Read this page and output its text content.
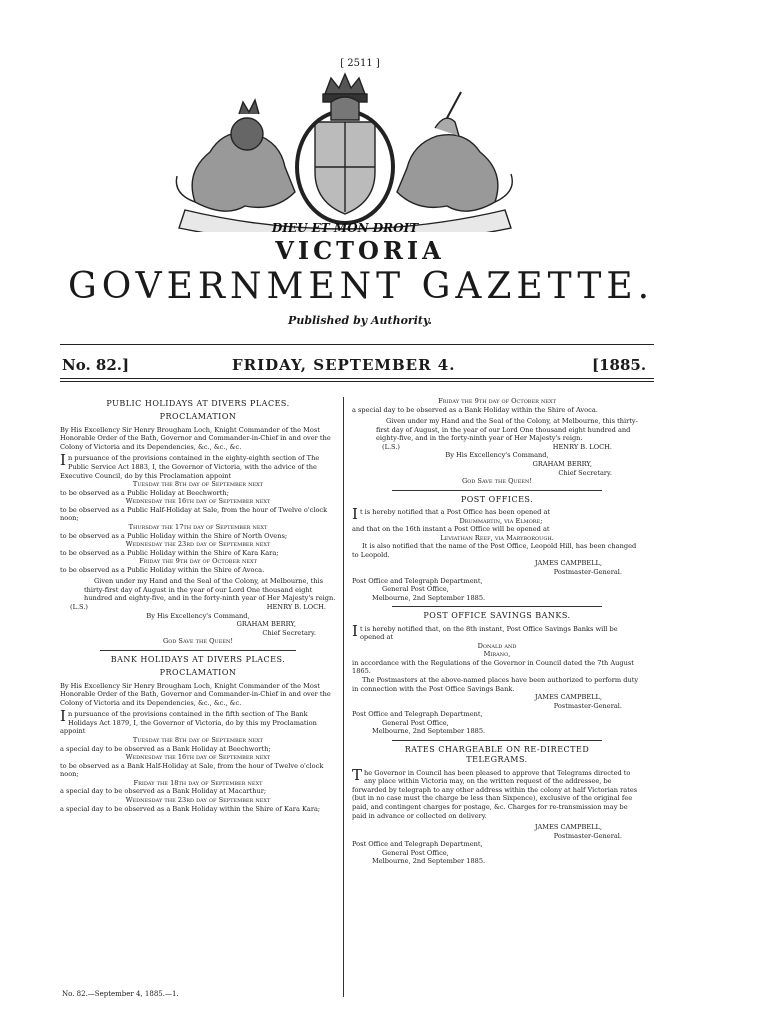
[ 2511 ]
DIEU ET MON DROIT
VICTORIA
GOVERNMENT GAZETTE.
Published by Authority.
No. 82.]	FRIDAY, SEPTEMBER 4.	[1885.

PUBLIC HOLIDAYS AT DIVERS PLACES.

PROCLAMATION

By His Excellency Sir Henry Brougham Loch, Knight Commander of the Most Honorable Order of the Bath, Governor and Commander-in-Chief in and over the Colony of Victoria and its Dependencies, &c., &c., &c.

In pursuance of the provisions contained in the eighty-eighth section of The Public Service Act 1883, I, the Governor of Victoria, with the advice of the Executive Council, do by this Proclamation appoint

Tuesday the 8th day of September next

to be observed as a Public Holiday at Beechworth;

Wednesday the 16th day of September next

to be observed as a Public Half-Holiday at Sale, from the hour of Twelve o'clock noon;

Thursday the 17th day of September next

to be observed as a Public Holiday within the Shire of North Ovens;

Wednesday the 23rd day of September next

to be observed as a Public Holiday within the Shire of Kara Kara;

Friday the 9th day of October next

to be observed as a Public Holiday within the Shire of Avoca.

Given under my Hand and the Seal of the Colony, at Melbourne, this thirty-first day of August in the year of our Lord One thousand eight hundred and eighty-five, and in the forty-ninth year of Her Majesty's reign.

(L.S.)	HENRY B. LOCH.

By His Excellency's Command,

GRAHAM BERRY,

Chief Secretary.

God Save the Queen!

BANK HOLIDAYS AT DIVERS PLACES.

PROCLAMATION

By His Excellency Sir Henry Brougham Loch, Knight Commander of the Most Honorable Order of the Bath, Governor and Commander-in-Chief in and over the Colony of Victoria and its Dependencies, &c., &c., &c.

In pursuance of the provisions contained in the fifth section of The Bank Holidays Act 1879, I, the Governor of Victoria, do by this my Proclamation appoint

Tuesday the 8th day of September next

a special day to be observed as a Bank Holiday at Beechworth;

Wednesday the 16th day of September next

to be observed as a Bank Half-Holiday at Sale, from the hour of Twelve o'clock noon;

Friday the 18th day of September next

a special day to be observed as a Bank Holiday at Macarthur;

Wednesday the 23rd day of September next

a special day to be observed as a Bank Holiday within the Shire of Kara Kara;

Friday the 9th day of October next

a special day to be observed as a Bank Holiday within the Shire of Avoca.

Given under my Hand and the Seal of the Colony, at Melbourne, this thirty-first day of August, in the year of our Lord One thousand eight hundred and eighty-five, and in the forty-ninth year of Her Majesty's reign.

(L.S.)	HENRY B. LOCH.

By His Excellency's Command,

GRAHAM BERRY,

Chief Secretary.

God Save the Queen!

POST OFFICES.

It is hereby notified that a Post Office has been opened at

Drummartin, via Elmore;

and that on the 16th instant a Post Office will be opened at

Leviathan Reef, via Maryborough.

It is also notified that the name of the Post Office, Leopold Hill, has been changed to Leopold.

JAMES CAMPBELL,

Postmaster-General.

Post Office and Telegraph Department,

General Post Office,

Melbourne, 2nd September 1885.

POST OFFICE SAVINGS BANKS.

It is hereby notified that, on the 8th instant, Post Office Savings Banks will be opened at

Donald and

Mirano,

in accordance with the Regulations of the Governor in Council dated the 7th August 1865.

The Postmasters at the above-named places have been authorized to perform duty in connection with the Post Office Savings Bank.

JAMES CAMPBELL,

Postmaster-General.

Post Office and Telegraph Department,

General Post Office,

Melbourne, 2nd September 1885.

RATES CHARGEABLE ON RE-DIRECTED

TELEGRAMS.

The Governor in Council has been pleased to approve that Telegrams directed to any place within Victoria may, on the written request of the addressee, be forwarded by telegraph to any other address within the colony at half Victorian rates (but in no case must the charge be less than Sixpence), exclusive of the original fee paid, and contingent charges for postage, &c. Charges for re-transmission may be paid in advance or collected on delivery.

JAMES CAMPBELL,

Postmaster-General.

Post Office and Telegraph Department,

General Post Office,

Melbourne, 2nd September 1885.

No. 82.—September 4, 1885.—1.
